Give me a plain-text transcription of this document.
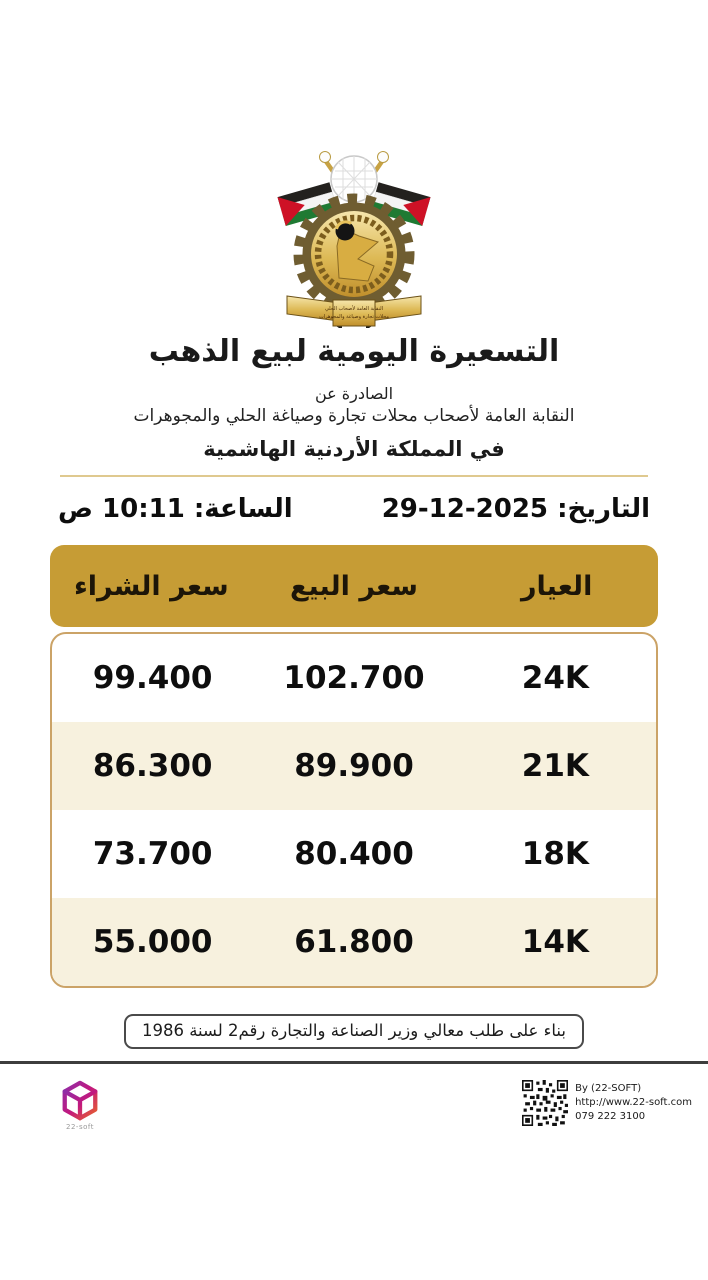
النقابة العامة لأصحاب الحلي
محلات تجارة وصياغة والمجوهرات
التسعيرة اليومية لبيع الذهب
الصادرة عن
النقابة العامة لأصحاب محلات تجارة وصياغة الحلي والمجوهرات
في المملكة الأردنية الهاشمية
التاريخ: 29-12-2025
الساعة: 10:11 ص
العيار
سعر البيع
سعر الشراء
24K
102.700
99.400
21K
89.900
86.300
18K
80.400
73.700
14K
61.800
55.000
بناء على طلب معالي وزير الصناعة والتجارة رقم2 لسنة 1986
22-soft
By (22-SOFT)
http://www.22-soft.com
079 222 3100
